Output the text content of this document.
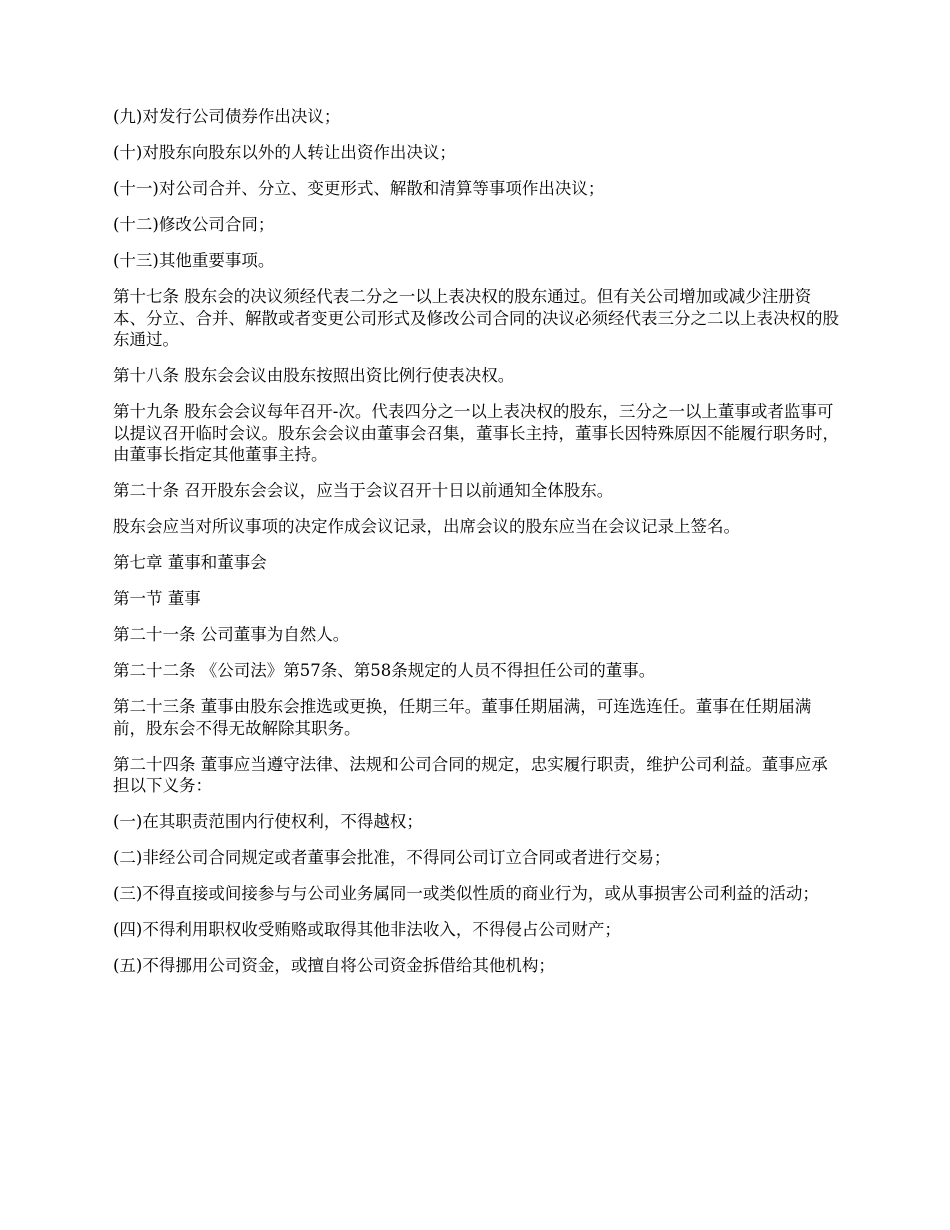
(九)对发行公司债券作出决议；

(十)对股东向股东以外的人转让出资作出决议；

(十一)对公司合并、分立、变更形式、解散和清算等事项作出决议；

(十二)修改公司合同；

(十三)其他重要事项。

第十七条 股东会的决议须经代表二分之一以上表决权的股东通过。但有关公司增加或减少注册资本、分立、合并、解散或者变更公司形式及修改公司合同的决议必须经代表三分之二以上表决权的股东通过。

第十八条 股东会会议由股东按照出资比例行使表决权。

第十九条 股东会会议每年召开-次。代表四分之一以上表决权的股东，三分之一以上董事或者监事可以提议召开临时会议。股东会会议由董事会召集，董事长主持，董事长因特殊原因不能履行职务时，由董事长指定其他董事主持。

第二十条 召开股东会会议，应当于会议召开十日以前通知全体股东。

股东会应当对所议事项的决定作成会议记录，出席会议的股东应当在会议记录上签名。

第七章 董事和董事会

第一节 董事

第二十一条 公司董事为自然人。

第二十二条 《公司法》第57条、第58条规定的人员不得担任公司的董事。

第二十三条 董事由股东会推选或更换，任期三年。董事任期届满，可连选连任。董事在任期届满前，股东会不得无故解除其职务。

第二十四条 董事应当遵守法律、法规和公司合同的规定，忠实履行职责，维护公司利益。董事应承担以下义务：

(一)在其职责范围内行使权利，不得越权；

(二)非经公司合同规定或者董事会批准，不得同公司订立合同或者进行交易；

(三)不得直接或间接参与与公司业务属同一或类似性质的商业行为，或从事损害公司利益的活动；

(四)不得利用职权收受贿赂或取得其他非法收入，不得侵占公司财产；

(五)不得挪用公司资金，或擅自将公司资金拆借给其他机构；
